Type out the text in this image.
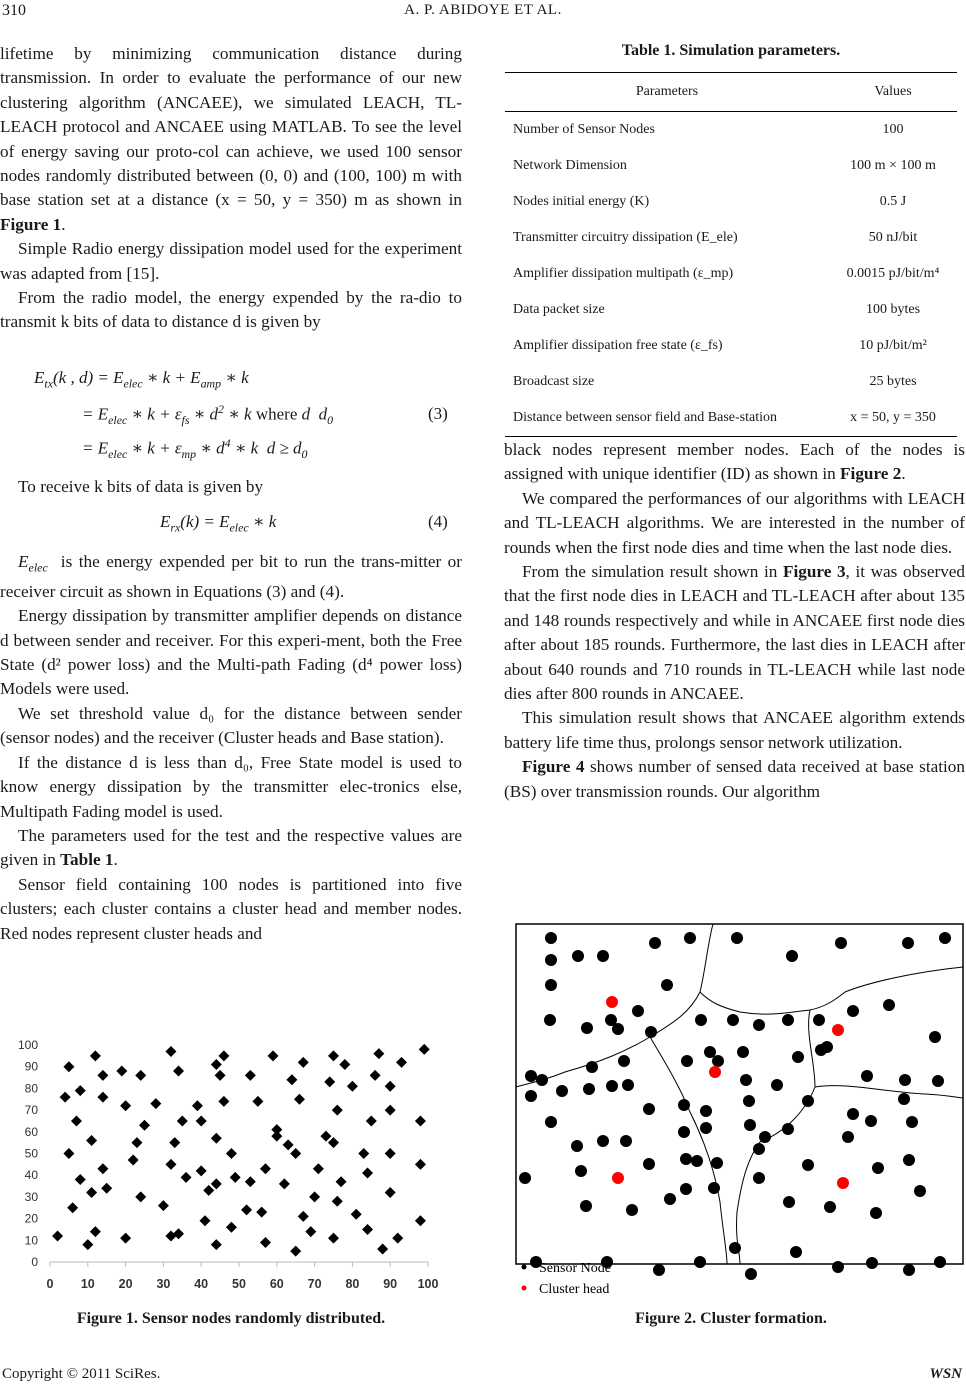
310	A. P. ABIDOYE ET AL.

lifetime by minimizing communication distance during transmission. In order to evaluate the performance of our new clustering algorithm (ANCAEE), we simulated LEACH, TL-LEACH protocol and ANCAEE using MATLAB. To see the level of energy saving our proto-col can achieve, we used 100 sensor nodes randomly distributed between (0, 0) and (100, 100) m with base station set at a distance (x = 50, y = 350) m as shown in Figure 1.

Simple Radio energy dissipation model used for the experiment was adapted from [15].

From the radio model, the energy expended by the ra-dio to transmit k bits of data to distance d is given by

$E_{tx}(k$ , $d) = E_{elec}$ ∗ $k + E_{amp}$ ∗ k
= $E_{elec}$ ∗ $k + \varepsilon_{fs}$ ∗ $d^2$ ∗ k where d  $d_0$
= $E_{elec}$ ∗ $k + \varepsilon_{mp}$ ∗ $d^4$ ∗ k  $d \ge d_0$
(3)

To receive k bits of data is given by

$E_{rx}(k) = E_{elec}$ ∗ k	(4)

$E_{elec}$ is the energy expended per bit to run the trans-mitter or receiver circuit as shown in Equations (3) and (4).

Energy dissipation by transmitter amplifier depends on distance d between sender and receiver. For this experi-ment, both the Free State (d² power loss) and the Multi-path Fading (d⁴ power loss) Models were used.

We set threshold value d₀ for the distance between sender (sensor nodes) and the receiver (Cluster heads and Base station).

If the distance d is less than d₀, Free State model is used to know energy dissipation by the transmitter elec-tronics else, Multipath Fading model is used.

The parameters used for the test and the respective values are given in Table 1.

Sensor field containing 100 nodes is partitioned into five clusters; each cluster contains a cluster head and member nodes. Red nodes represent cluster heads and

Table 1. Simulation parameters.
Parameters	Values
Number of Sensor Nodes	100
Network Dimension	100 m × 100 m
Nodes initial energy (K)	0.5 J
Transmitter circuitry dissipation (E_ele)	50 nJ/bit
Amplifier dissipation multipath (ε_mp)	0.0015 pJ/bit/m⁴
Data packet size	100 bytes
Amplifier dissipation free state (ε_fs)	10 pJ/bit/m²
Broadcast size	25 bytes
Distance between sensor field and Base-station	x = 50, y = 350

black nodes represent member nodes. Each of the nodes is assigned with unique identifier (ID) as shown in Figure 2.

We compared the performances of our algorithms with LEACH and TL-LEACH algorithms. We are interested in the number of rounds when the first node dies and time when the last node dies.

From the simulation result shown in Figure 3, it was observed that the first node dies in LEACH and TL-LEACH after about 135 and 148 rounds respectively and while in ANCAEE first node dies after about 185 rounds. Furthermore, the last dies in LEACH after about 640 rounds and 710 rounds in TL-LEACH while last node dies after 800 rounds in ANCAEE.

This simulation result shows that ANCAEE algorithm extends battery life time thus, prolongs sensor network utilization.

Figure 4 shows number of sensed data received at base station (BS) over transmission rounds. Our algorithm

0 10 20 30 40 50 60 70 80 90 100
0
10
20
30
40
50
60
70
80
90
100
Figure 1. Sensor nodes randomly distributed.
Sensor Node
Cluster head
Figure 2. Cluster formation.
Copyright © 2011 SciRes.	WSN
